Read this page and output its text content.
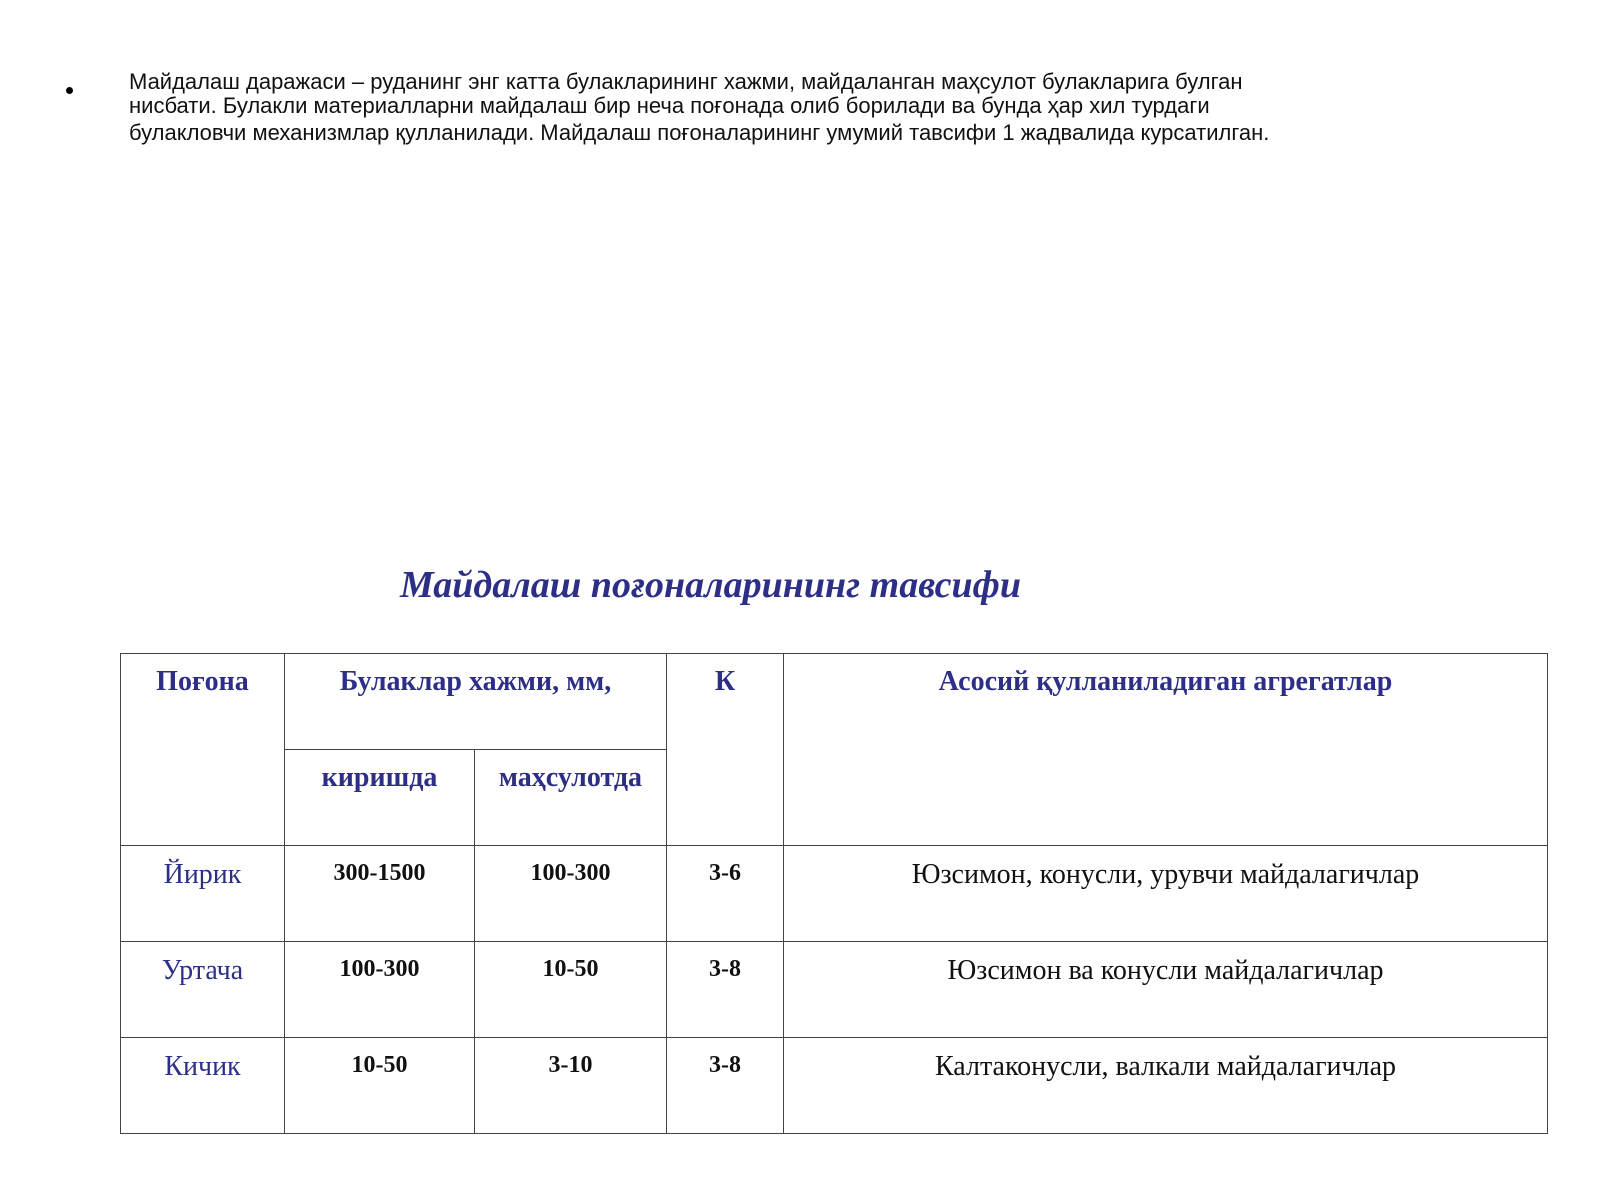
Майдалаш даражаси – руданинг энг катта булакларининг хажми, майдаланган маҳсулот булакларига булган
нисбати. Булакли материалларни майдалаш бир неча поғонада олиб борилади ва бунда ҳар хил турдаги
булакловчи механизмлар қулланилади. Майдалаш поғоналарининг умумий тавсифи 1 жадвалида курсатилган.
Майдалаш поғоналарининг тавсифи
Поғона	Булаклар хажми, мм,		К	Асосий қулланиладиган агрегатлар
	киришда	маҳсулотда		
Йирик	300-1500	100-300	3-6	Юзсимон, конусли, урувчи майдалагичлар
Уртача	100-300	10-50	3-8	Юзсимон ва конусли майдалагичлар
Кичик	10-50	3-10	3-8	Калтаконусли, валкали майдалагичлар
